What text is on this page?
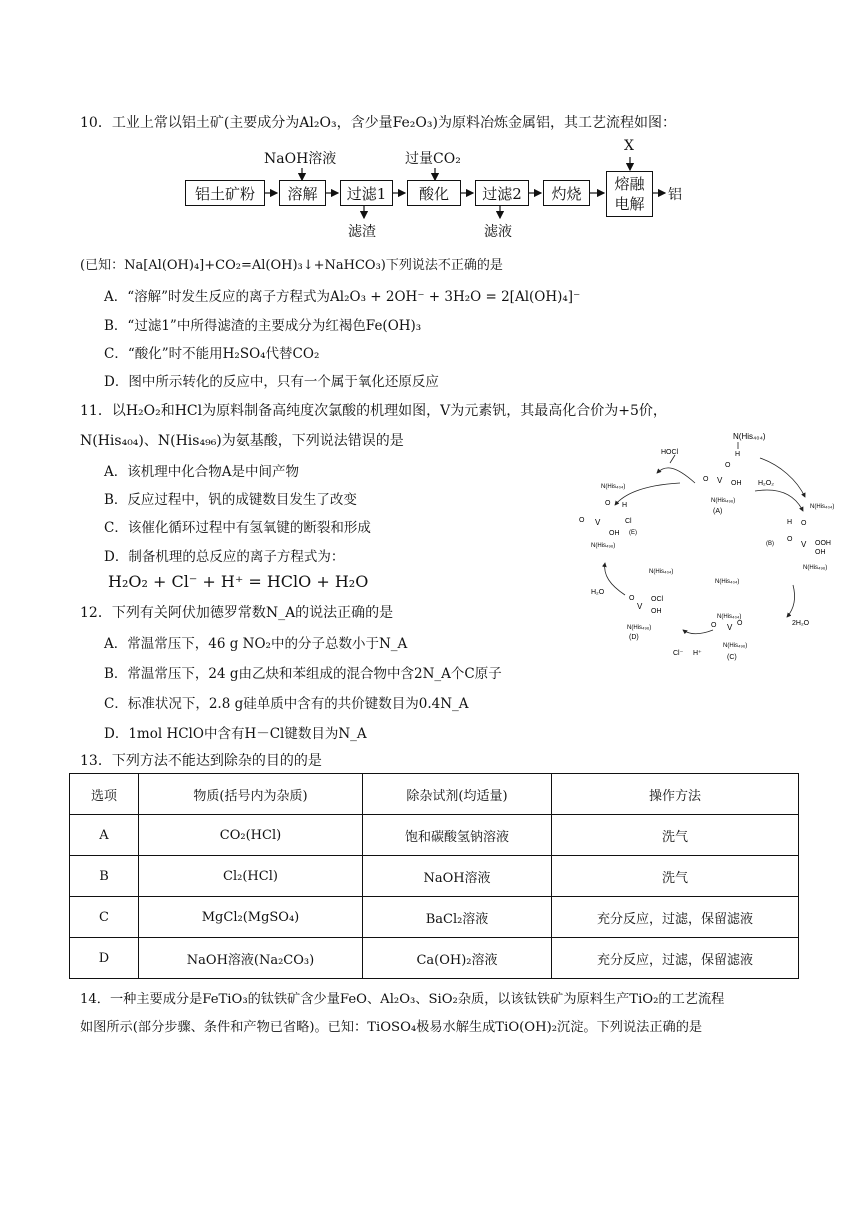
10．工业上常以铝土矿(主要成分为Al₂O₃，含少量Fe₂O₃)为原料冶炼金属铝，其工艺流程如图：
铝土矿粉	溶解	过滤1	酸化	过滤2	灼烧
熔融
电解
NaOH溶液	过量CO₂
X
滤渣	滤液
铝
(已知：Na[Al(OH)₄]+CO₂=Al(OH)₃↓+NaHCO₃)下列说法不正确的是
A．“溶解”时发生反应的离子方程式为Al₂O₃ + 2OH⁻ + 3H₂O = 2[Al(OH)₄]⁻
B．“过滤1”中所得滤渣的主要成分为红褐色Fe(OH)₃
C．“酸化”时不能用H₂SO₄代替CO₂
D．图中所示转化的反应中，只有一个属于氧化还原反应
11．以H₂O₂和HCl为原料制备高纯度次氯酸的机理如图，V为元素钒，其最高化合价为+5价，
N(His₄₀₄)、N(His₄₉₆)为氨基酸，下列说法错误的是
A．该机理中化合物A是中间产物
B．反应过程中，钒的成键数目发生了改变
C．该催化循环过程中有氢氧键的断裂和形成
D．制备机理的总反应的离子方程式为：
H₂O₂ + Cl⁻ + H⁺ = HClO + H₂O
N(His₄₀₄)
H
O
O V OH
N(His₄₉₆)
(A)
HOCl
N(His₄₀₄)
O H
O V	Cl
OH (E)
N(His₄₉₆)
H₂O₂
N(His₄₀₄)
H O
(B)
O
V OOH
OH
N(His₄₉₆)
2H₂O
N(His₄₀₄)
N(His₄₀₄)
N(His₄₀₄)
O V O
N(His₄₉₆)
(C)
O
V
OCl
OH
N(His₄₉₆)
(D)
Cl⁻ H⁺
H₂O
12．下列有关阿伏加德罗常数N_A的说法正确的是
A．常温常压下，46 g NO₂中的分子总数小于N_A
B．常温常压下，24 g由乙炔和苯组成的混合物中含2N_A个C原子
C．标准状况下，2.8 g硅单质中含有的共价键数目为0.4N_A
D．1mol HClO中含有H－Cl键数目为N_A
13．下列方法不能达到除杂的目的的是
选项	物质(括号内为杂质)	除杂试剂(均适量)	操作方法
A	CO₂(HCl)	饱和碳酸氢钠溶液	洗气
B	Cl₂(HCl)	NaOH溶液	洗气
C	MgCl₂(MgSO₄)	BaCl₂溶液	充分反应，过滤，保留滤液
D	NaOH溶液(Na₂CO₃)	Ca(OH)₂溶液	充分反应，过滤，保留滤液
14．一种主要成分是FeTiO₃的钛铁矿含少量FeO、Al₂O₃、SiO₂杂质，以该钛铁矿为原料生产TiO₂的工艺流程
如图所示(部分步骤、条件和产物已省略)。已知：TiOSO₄极易水解生成TiO(OH)₂沉淀。下列说法正确的是
